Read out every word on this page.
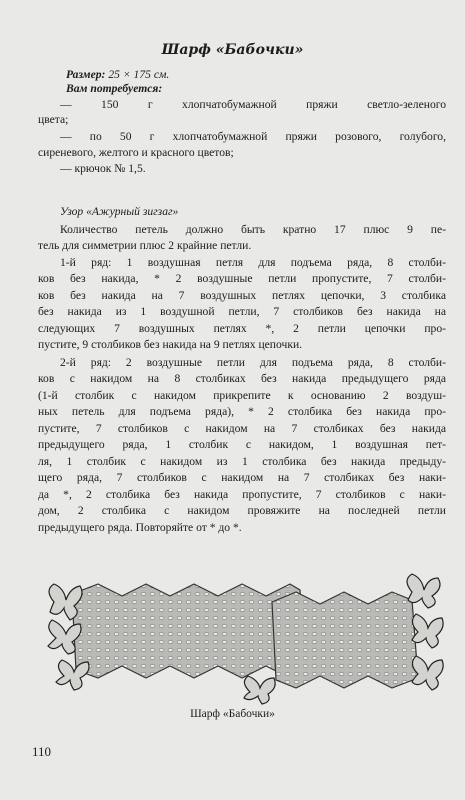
Шарф «Бабочки»
Размер: 25 × 175 см.
Вам потребуется:
— 150 г хлопчатобумажной пряжи светло-зеленого
цвета;
— по 50 г хлопчатобумажной пряжи розового, голубого,
сиреневого, желтого и красного цветов;
— крючок № 1,5.
Узор «Ажурный зигзаг»
Количество петель должно быть кратно 17 плюс 9 пе-
тель для симметрии плюс 2 крайние петли.
1-й ряд: 1 воздушная петля для подъема ряда, 8 столби-
ков без накида, * 2 воздушные петли пропустите, 7 столби-
ков без накида на 7 воздушных петлях цепочки, 3 столбика
без накида из 1 воздушной петли, 7 столбиков без накида на
следующих 7 воздушных петлях *, 2 петли цепочки про-
пустите, 9 столбиков без накида на 9 петлях цепочки.
2-й ряд: 2 воздушные петли для подъема ряда, 8 столби-
ков с накидом на 8 столбиках без накида предыдущего ряда
(1-й столбик с накидом прикрепите к основанию 2 воздуш-
ных петель для подъема ряда), * 2 столбика без накида про-
пустите, 7 столбиков с накидом на 7 столбиках без накида
предыдущего ряда, 1 столбик с накидом, 1 воздушная пет-
ля, 1 столбик с накидом из 1 столбика без накида предыду-
щего ряда, 7 столбиков с накидом на 7 столбиках без нaки-
да *, 2 столбика без накида пропустите, 7 столбиков с наки-
дом, 2 столбика с накидом провяжите на последней петли
предыдущего ряда. Повторяйте от * до *.
Шарф «Бабочки»
110
